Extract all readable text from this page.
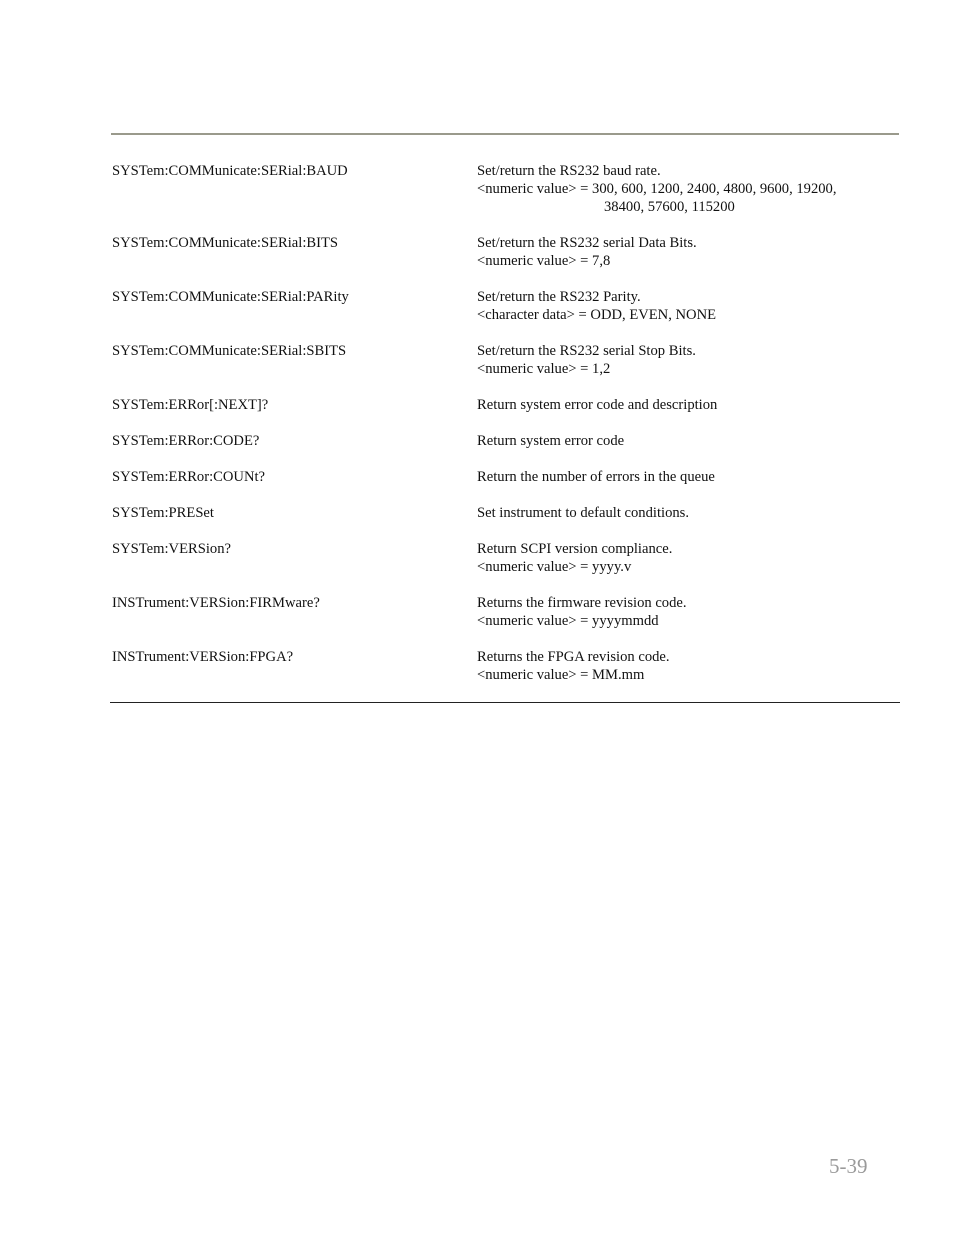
SYSTem:COMMunicate:SERial:BAUD	Set/return the RS232 baud rate.
<numeric value> = 300, 600, 1200, 2400, 4800, 9600, 19200,
38400, 57600, 115200
SYSTem:COMMunicate:SERial:BITS	Set/return the RS232 serial Data Bits.
<numeric value> = 7,8
SYSTem:COMMunicate:SERial:PARity	Set/return the RS232 Parity.
<character data> = ODD, EVEN, NONE
SYSTem:COMMunicate:SERial:SBITS	Set/return the RS232 serial Stop Bits.
<numeric value> = 1,2
SYSTem:ERRor[:NEXT]?	Return system error code and description
SYSTem:ERRor:CODE?	Return system error code
SYSTem:ERRor:COUNt?	Return the number of errors in the queue
SYSTem:PRESet	Set instrument to default conditions.
SYSTem:VERSion?	Return SCPI version compliance.
<numeric value> = yyyy.v
INSTrument:VERSion:FIRMware?	Returns the firmware revision code.
<numeric value> = yyyymmdd
INSTrument:VERSion:FPGA?	Returns the FPGA revision code.
<numeric value> = MM.mm
5-39
